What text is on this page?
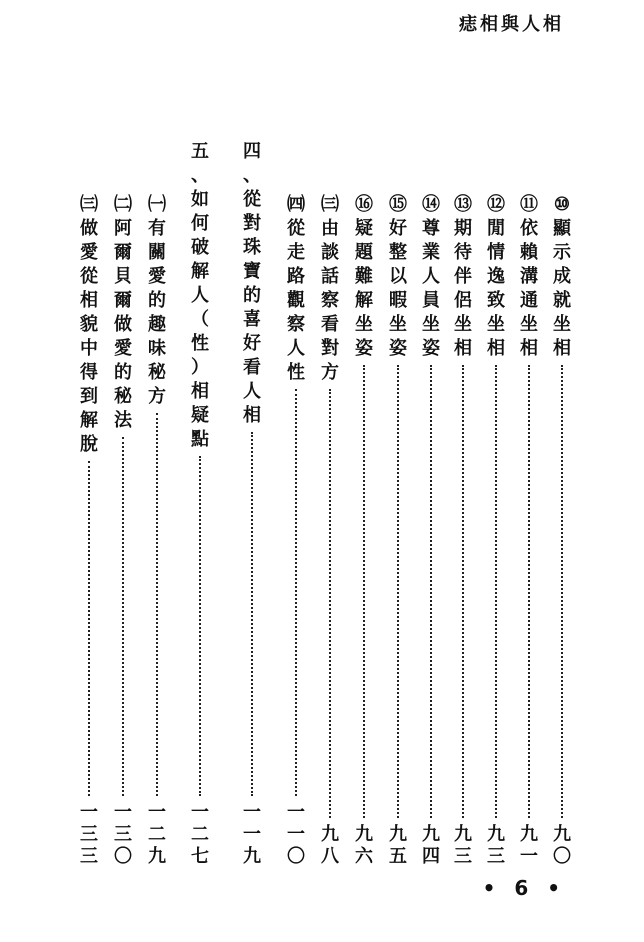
痣相與人相
⑩
顯
示
成
就
坐
相
九
〇
⑪
依
賴
溝
通
坐
相
九
一
⑫
閒
情
逸
致
坐
相
九
三
⑬
期
待
伴
侶
坐
相
九
三
⑭
尊
業
人
員
坐
姿
九
四
⑮
好
整
以
暇
坐
姿
九
五
⑯
疑
題
難
解
坐
姿
九
六
㈢
由
談
話
察
看
對
方
九
八
㈣
從
走
路
觀
察
人
性
一
一
〇
四
、
從
對
珠
寶
的
喜
好
看
人
相
一
一
九
五
、
如
何
破
解
人
（
性
）
相
疑
點
一
二
七
㈠
有
關
愛
的
趣
味
秘
方
一
二
九
㈡
阿
爾
貝
爾
做
愛
的
秘
法
一
三
〇
㈢
做
愛
從
相
貌
中
得
到
解
脫
一
三
三
• 6 •
